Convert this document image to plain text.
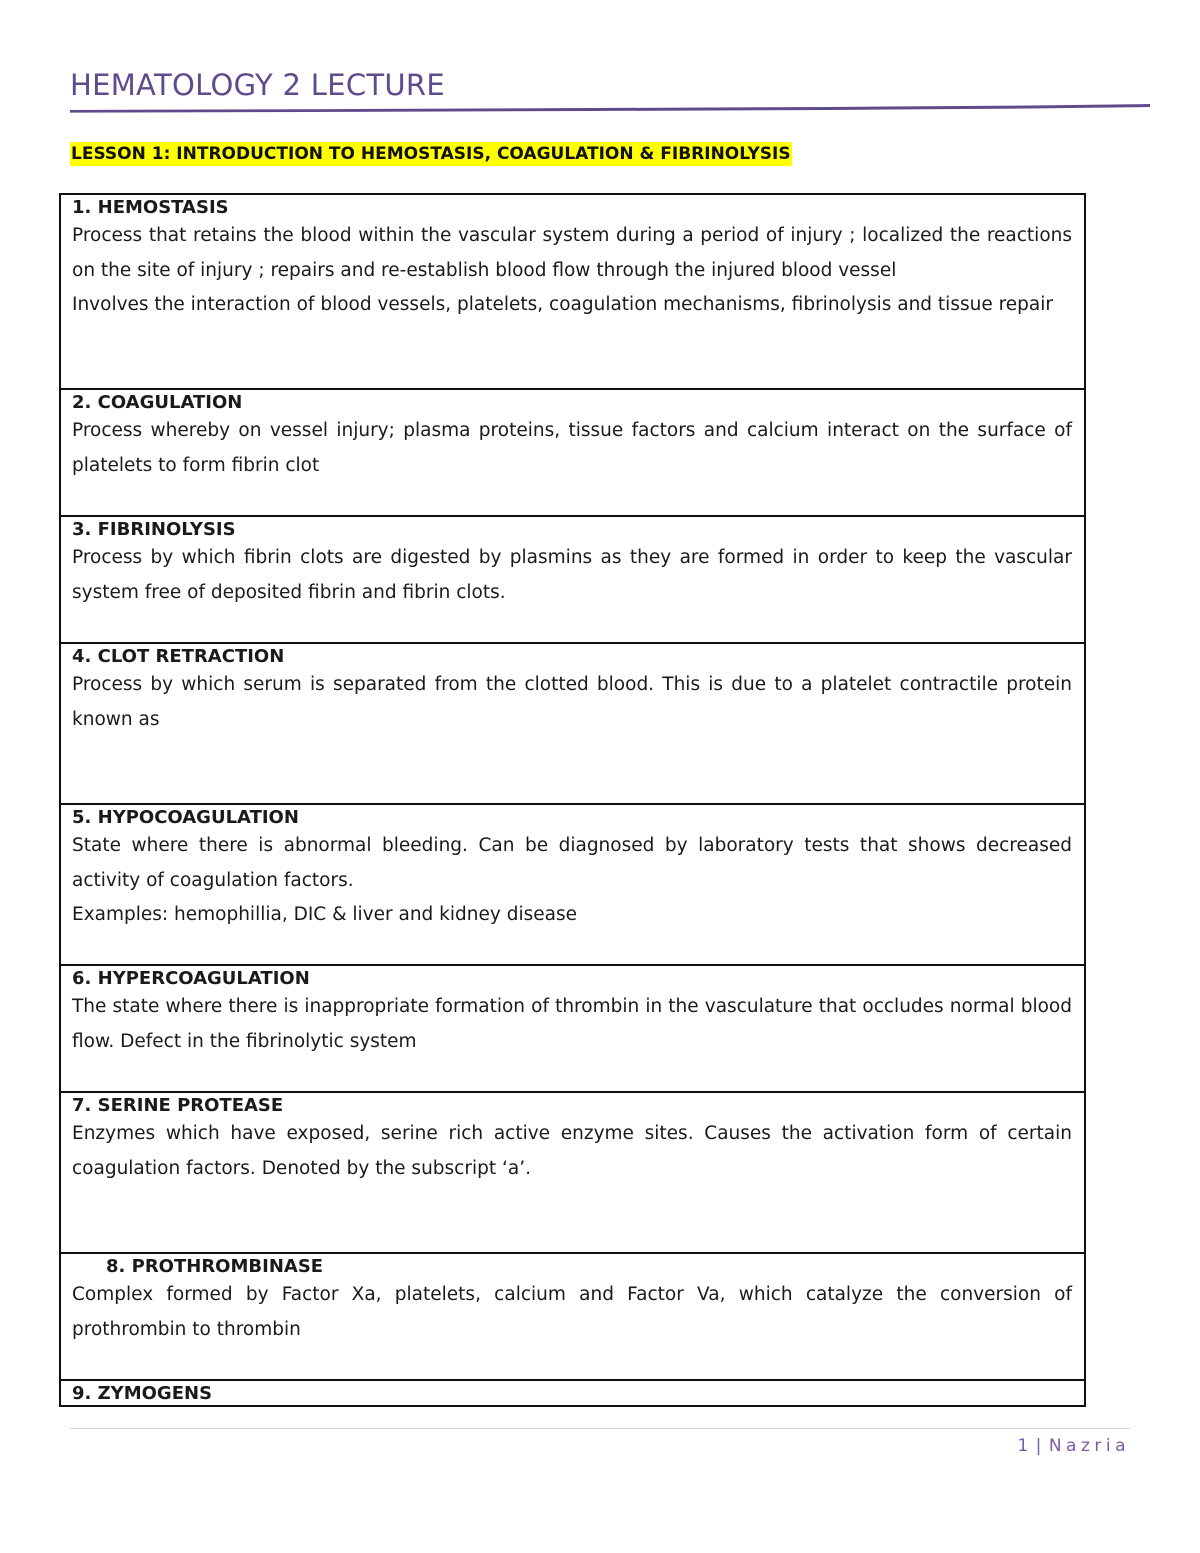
HEMATOLOGY 2 LECTURE
LESSON 1: INTRODUCTION TO HEMOSTASIS, COAGULATION & FIBRINOLYSIS
1. HEMOSTASIS
Process that retains the blood within the vascular system during a period of injury ; localized the reactions on the site of injury ; repairs and re-establish blood flow through the injured blood vessel
Involves the interaction of blood vessels, platelets, coagulation mechanisms, fibrinolysis and tissue repair

2. COAGULATION
Process whereby on vessel injury; plasma proteins, tissue factors and calcium interact on the surface of platelets to form fibrin clot

3. FIBRINOLYSIS
Process by which fibrin clots are digested by plasmins as they are formed in order to keep the vascular system free of deposited fibrin and fibrin clots.

4. CLOT RETRACTION
Process by which serum is separated from the clotted blood. This is due to a platelet contractile protein known as

5. HYPOCOAGULATION
State where there is abnormal bleeding. Can be diagnosed by laboratory tests that shows decreased activity of coagulation factors.
Examples: hemophillia, DIC & liver and kidney disease

6. HYPERCOAGULATION
The state where there is inappropriate formation of thrombin in the vasculature that occludes normal blood flow. Defect in the fibrinolytic system

7. SERINE PROTEASE
Enzymes which have exposed, serine rich active enzyme sites. Causes the activation form of certain coagulation factors. Denoted by the subscript ‘a’.

8. PROTHROMBINASE
Complex formed by Factor Xa, platelets, calcium and Factor Va, which catalyze the conversion of prothrombin to thrombin

9. ZYMOGENS
1 | Nazria
